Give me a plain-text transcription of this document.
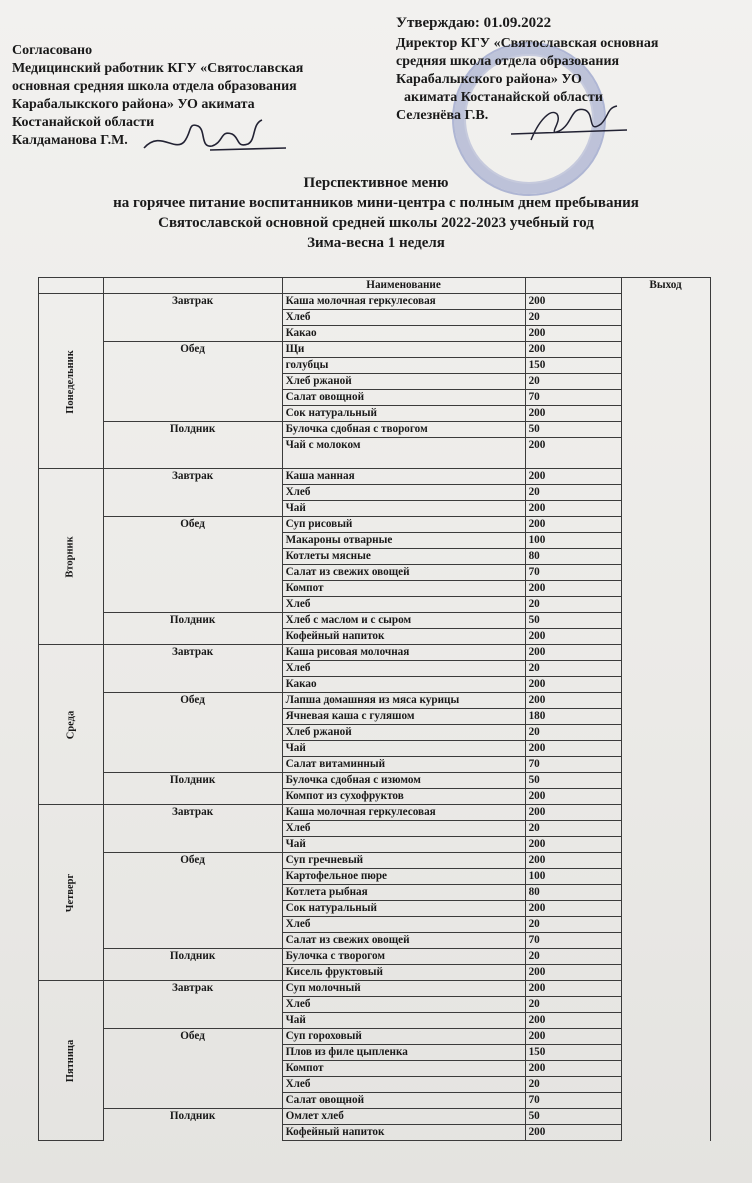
Согласовано
Медицинский работник КГУ «Святославская
основная средняя школа отдела образования
Карабалыкского района» УО акимата
Костанайской области
Калдаманова Г.М.
Утверждаю: 01.09.2022
Директор КГУ «Святославская основная
средняя школа отдела образования
Карабалыкского района» УО
акимата Костанайской области
Селезнёва Г.В.
Перспективное меню
на горячее питание воспитанников мини-центра с полным днем пребывания
Святославской основной средней школы 2022-2023 учебный год
Зима-весна 1 неделя
		Наименование		Выход
Понедельник	Завтрак	Каша молочная геркулесовая	200	
		Хлеб	20	
		Какао	200	
	Обед	Щи	200	
		голубцы	150	
		Хлеб ржаной	20	
		Салат овощной	70	
		Сок натуральный	200	
	Полдник	Булочка сдобная с творогом	50	
		Чай с молоком	200	
Вторник	Завтрак	Каша манная	200	
		Хлеб	20	
		Чай	200	
	Обед	Суп рисовый	200	
		Макароны отварные	100	
		Котлеты мясные	80	
		Салат из свежих овощей	70	
		Компот	200	
		Хлеб	20	
	Полдник	Хлеб с маслом и с сыром	50	
		Кофейный напиток	200	
Среда	Завтрак	Каша рисовая молочная	200	
		Хлеб	20	
		Какао	200	
	Обед	Лапша домашняя из мяса курицы	200	
		Ячневая каша с гуляшом	180	
		Хлеб ржаной	20	
		Чай	200	
		Салат витаминный	70	
	Полдник	Булочка сдобная с изюмом	50	
		Компот из сухофруктов	200	
Четверг	Завтрак	Каша молочная геркулесовая	200	
		Хлеб	20	
		Чай	200	
	Обед	Суп гречневый	200	
		Картофельное пюре	100	
		Котлета рыбная	80	
		Сок натуральный	200	
		Хлеб	20	
		Салат из свежих овощей	70	
	Полдник	Булочка с творогом	20	
		Кисель фруктовый	200	
Пятница	Завтрак	Суп молочный	200	
		Хлеб	20	
		Чай	200	
	Обед	Суп гороховый	200	
		Плов из филе цыпленка	150	
		Компот	200	
		Хлеб	20	
		Салат овощной	70	
	Полдник	Омлет хлеб	50	
		Кофейный напиток	200	
